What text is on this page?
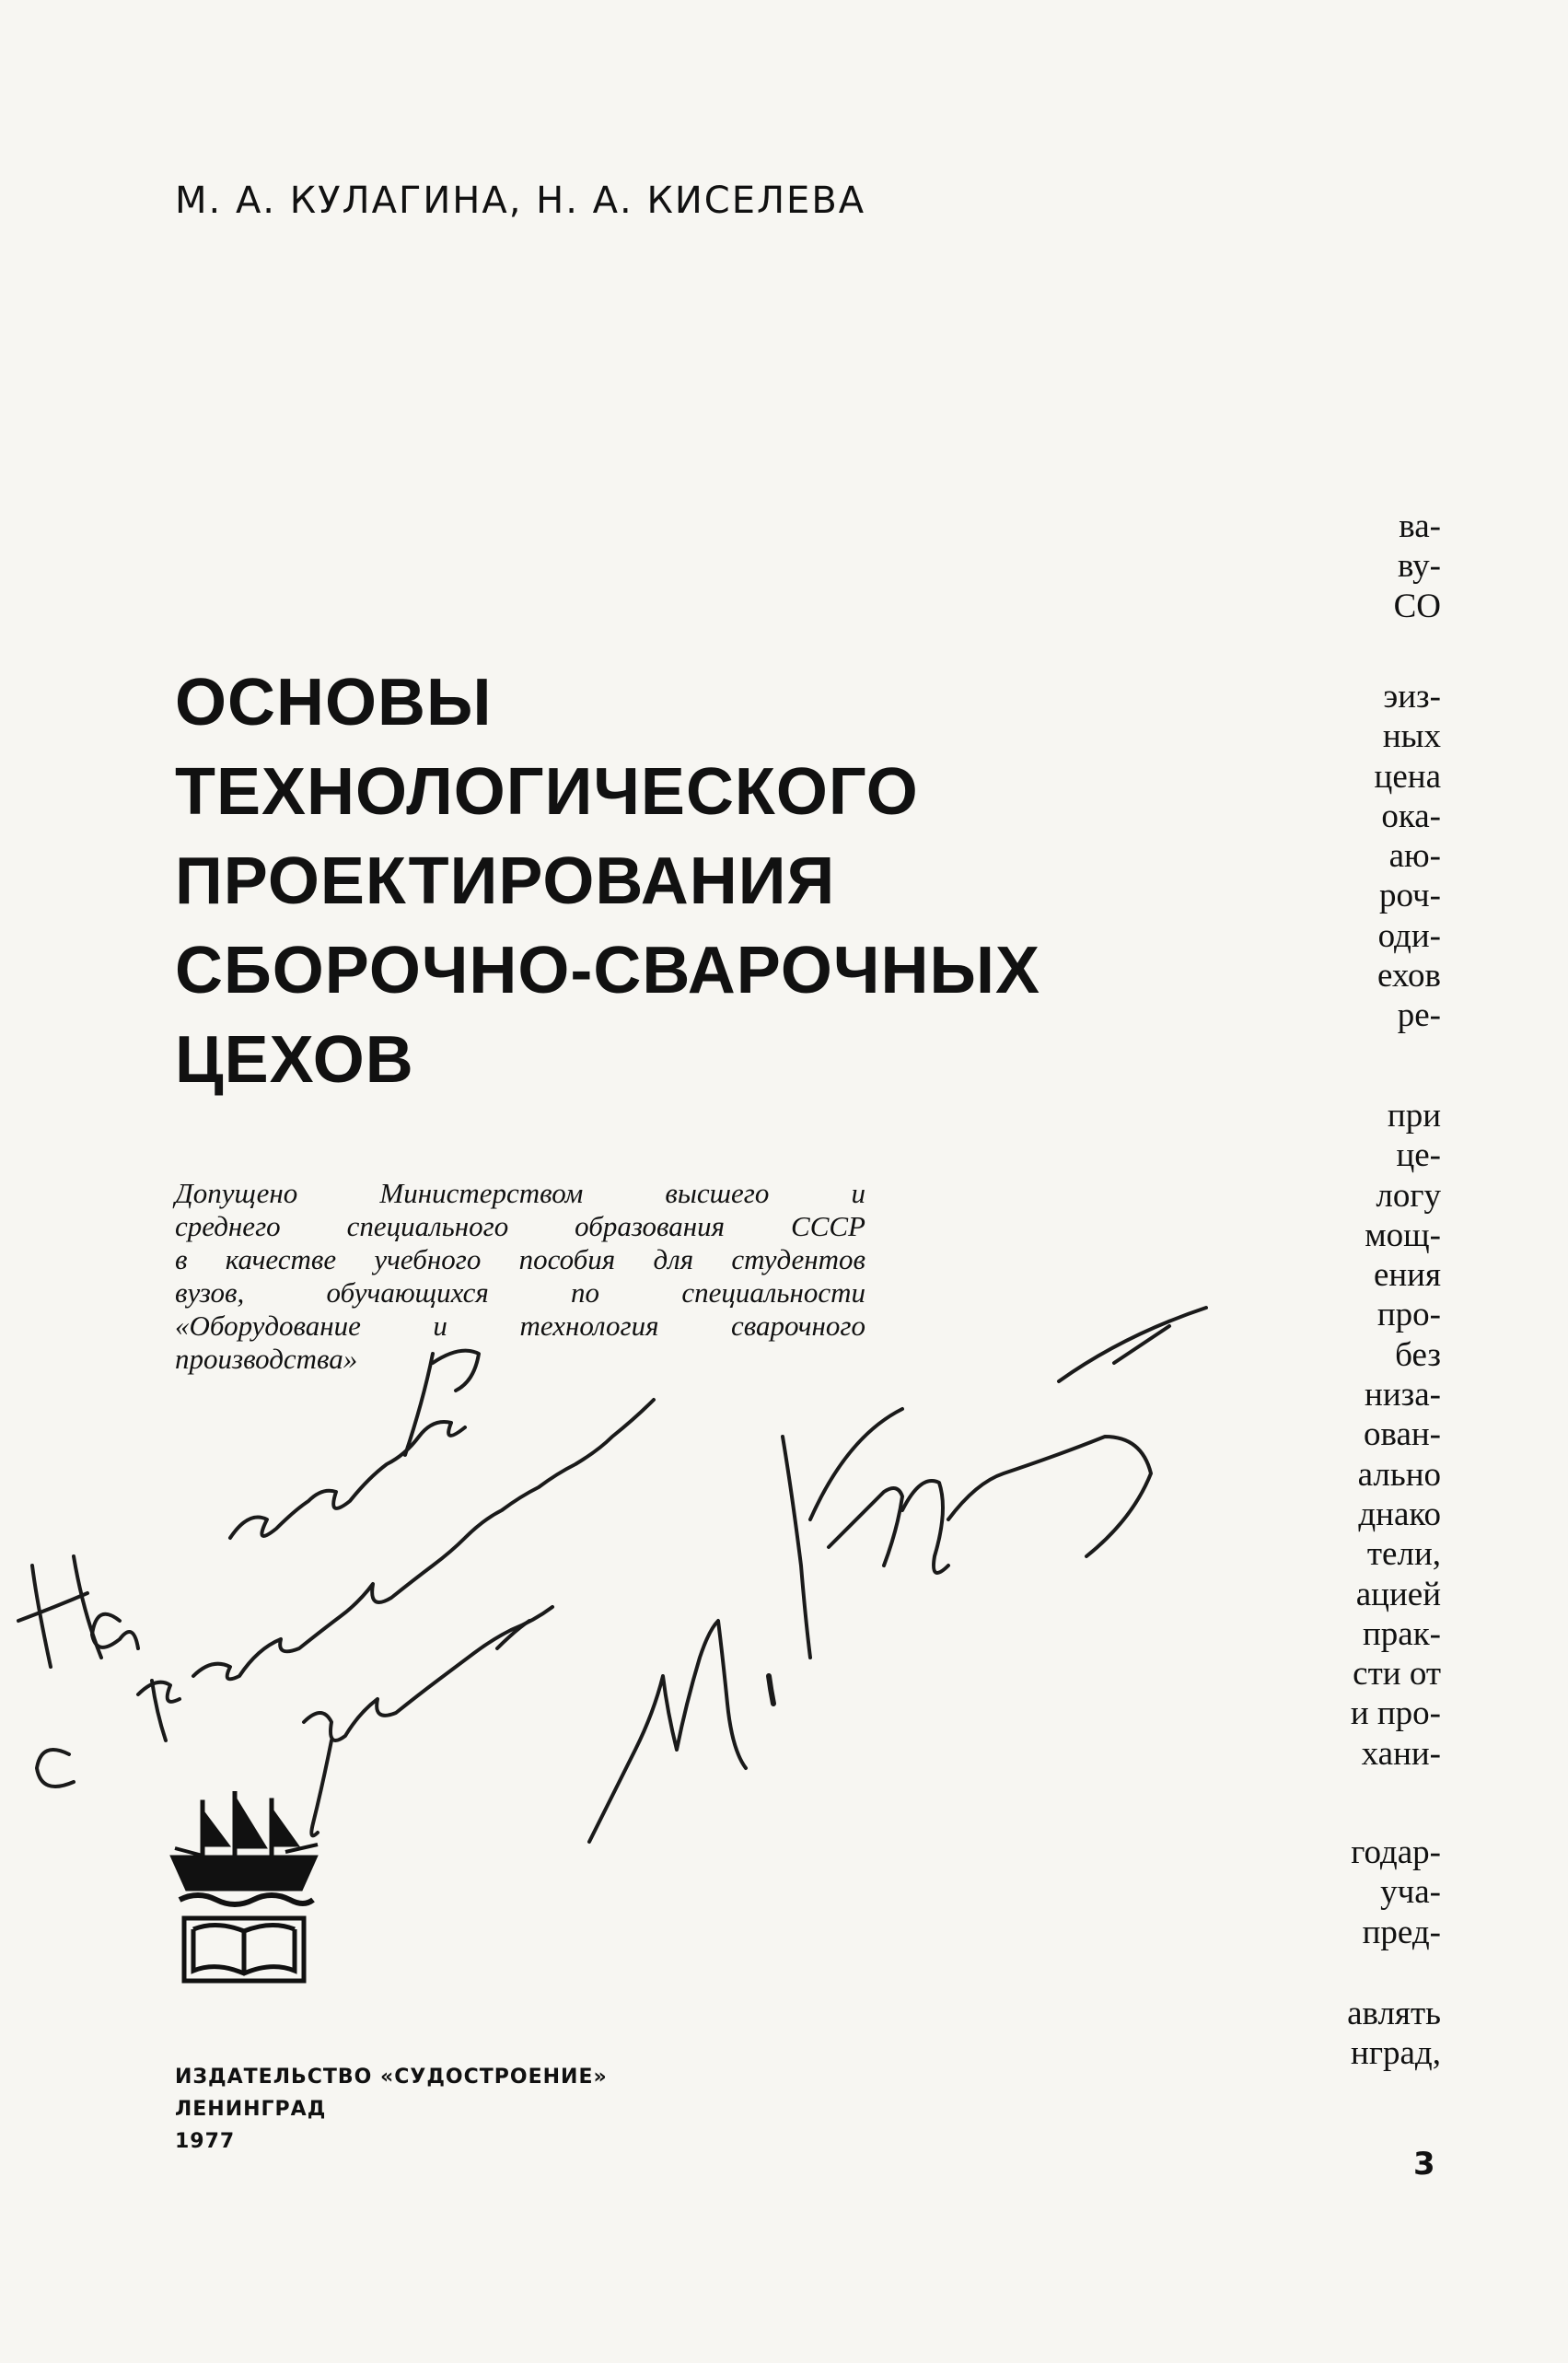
М. А. КУЛАГИНА, Н. А. КИСЕЛЕВА
ОСНОВЫ
ТЕХНОЛОГИЧЕСКОГО
ПРОЕКТИРОВАНИЯ
СБОРОЧНО-СВАРОЧНЫХ
ЦЕХОВ
Допущено Министерством высшего и
среднего специального образования СССР
в качестве учебного пособия для студентов
вузов, обучающихся по специальности
«Оборудование и технология сварочного
производства»
ИЗДАТЕЛЬСТВО «СУДОСТРОЕНИЕ»
ЛЕНИНГРАД
1977
3
ва-
ву-
СО
эиз-
ных
цена
ока-
аю-
роч-
оди-
ехов
ре-
при
це-
логу
мощ-
ения
про-
без
низа-
ован-
ально
днако
тели,
ацией
прак-
сти от
и про-
хани-
годар-
уча-
пред-
авлять
нград,
